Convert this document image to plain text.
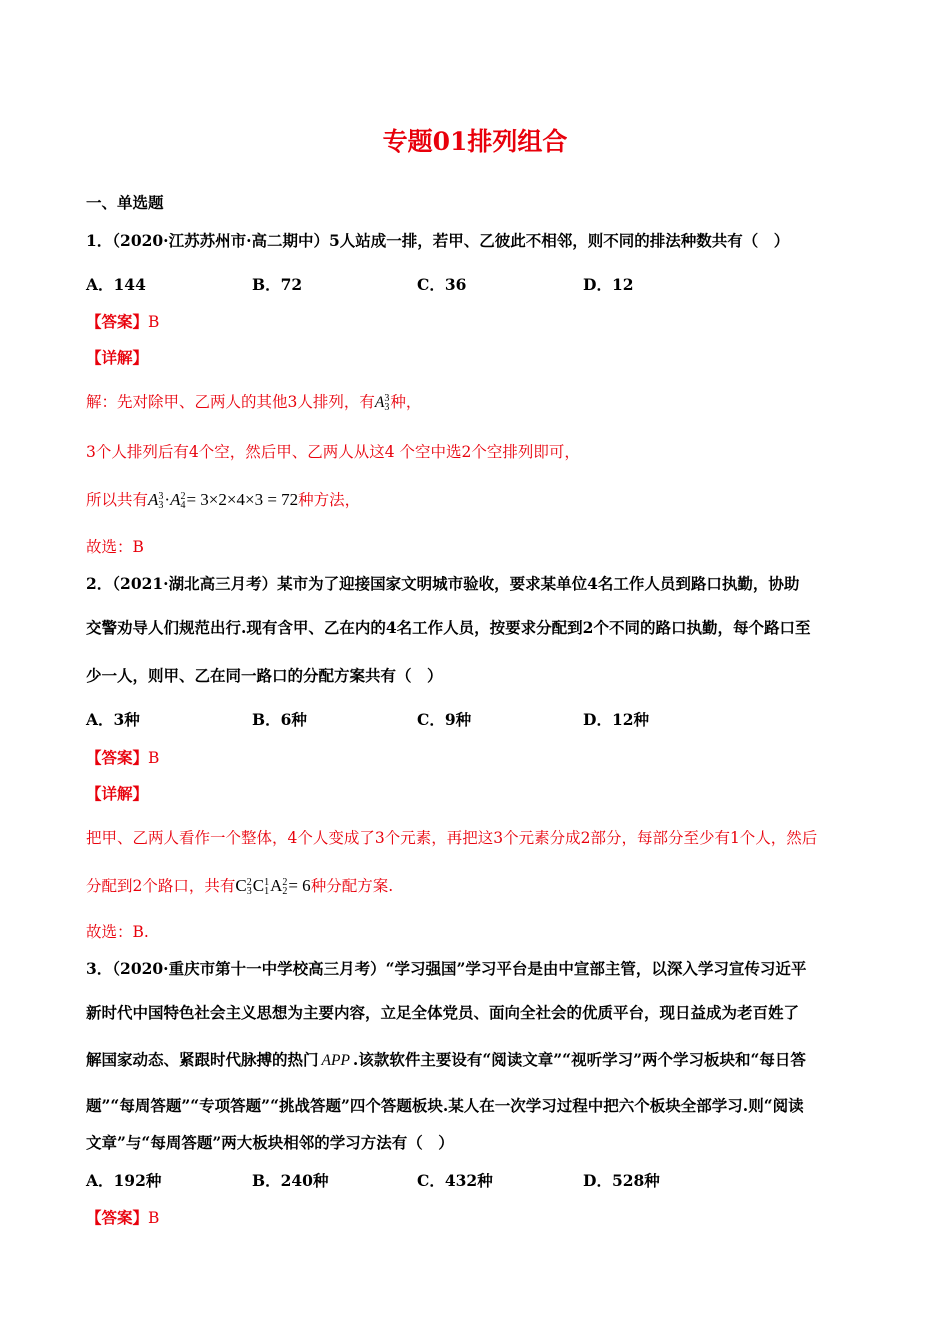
专题01排列组合
一、单选题
1．（2020·江苏苏州市·高二期中）5人站成一排，若甲、乙彼此不相邻，则不同的排法种数共有（　）
A．144	B．72	C．36	D．12
【答案】B
【详解】
解：先对除甲、乙两人的其他3人排列，有A3
3种，
3个人排列后有4个空，然后甲、乙两人从这4 个空中选2个空排列即可，
所以共有A3
3·A2
4= 3×2×4×3 = 72种方法，
故选：B
2．（2021·湖北高三月考）某市为了迎接国家文明城市验收，要求某单位4名工作人员到路口执勤，协助
交警劝导人们规范出行.现有含甲、乙在内的4名工作人员，按要求分配到2个不同的路口执勤，每个路口至
少一人，则甲、乙在同一路口的分配方案共有（　）
A．3种	B．6种	C．9种	D．12种
【答案】B
【详解】
把甲、乙两人看作一个整体，4个人变成了3个元素，再把这3个元素分成2部分，每部分至少有1个人，然后
分配到2个路口，共有C2
3C1
1A2
2= 6种分配方案.
故选：B.
3．（2020·重庆市第十一中学校高三月考）“学习强国”学习平台是由中宣部主管，以深入学习宣传习近平
新时代中国特色社会主义思想为主要内容，立足全体党员、面向全社会的优质平台，现日益成为老百姓了
解国家动态、紧跟时代脉搏的热门 APP .该款软件主要设有“阅读文章”“视听学习”两个学习板块和“每日答
题”“每周答题”“专项答题”“挑战答题”四个答题板块.某人在一次学习过程中把六个板块全部学习.则“阅读
文章”与“每周答题”两大板块相邻的学习方法有（　）
A．192种	B．240种	C．432种	D．528种
【答案】B
